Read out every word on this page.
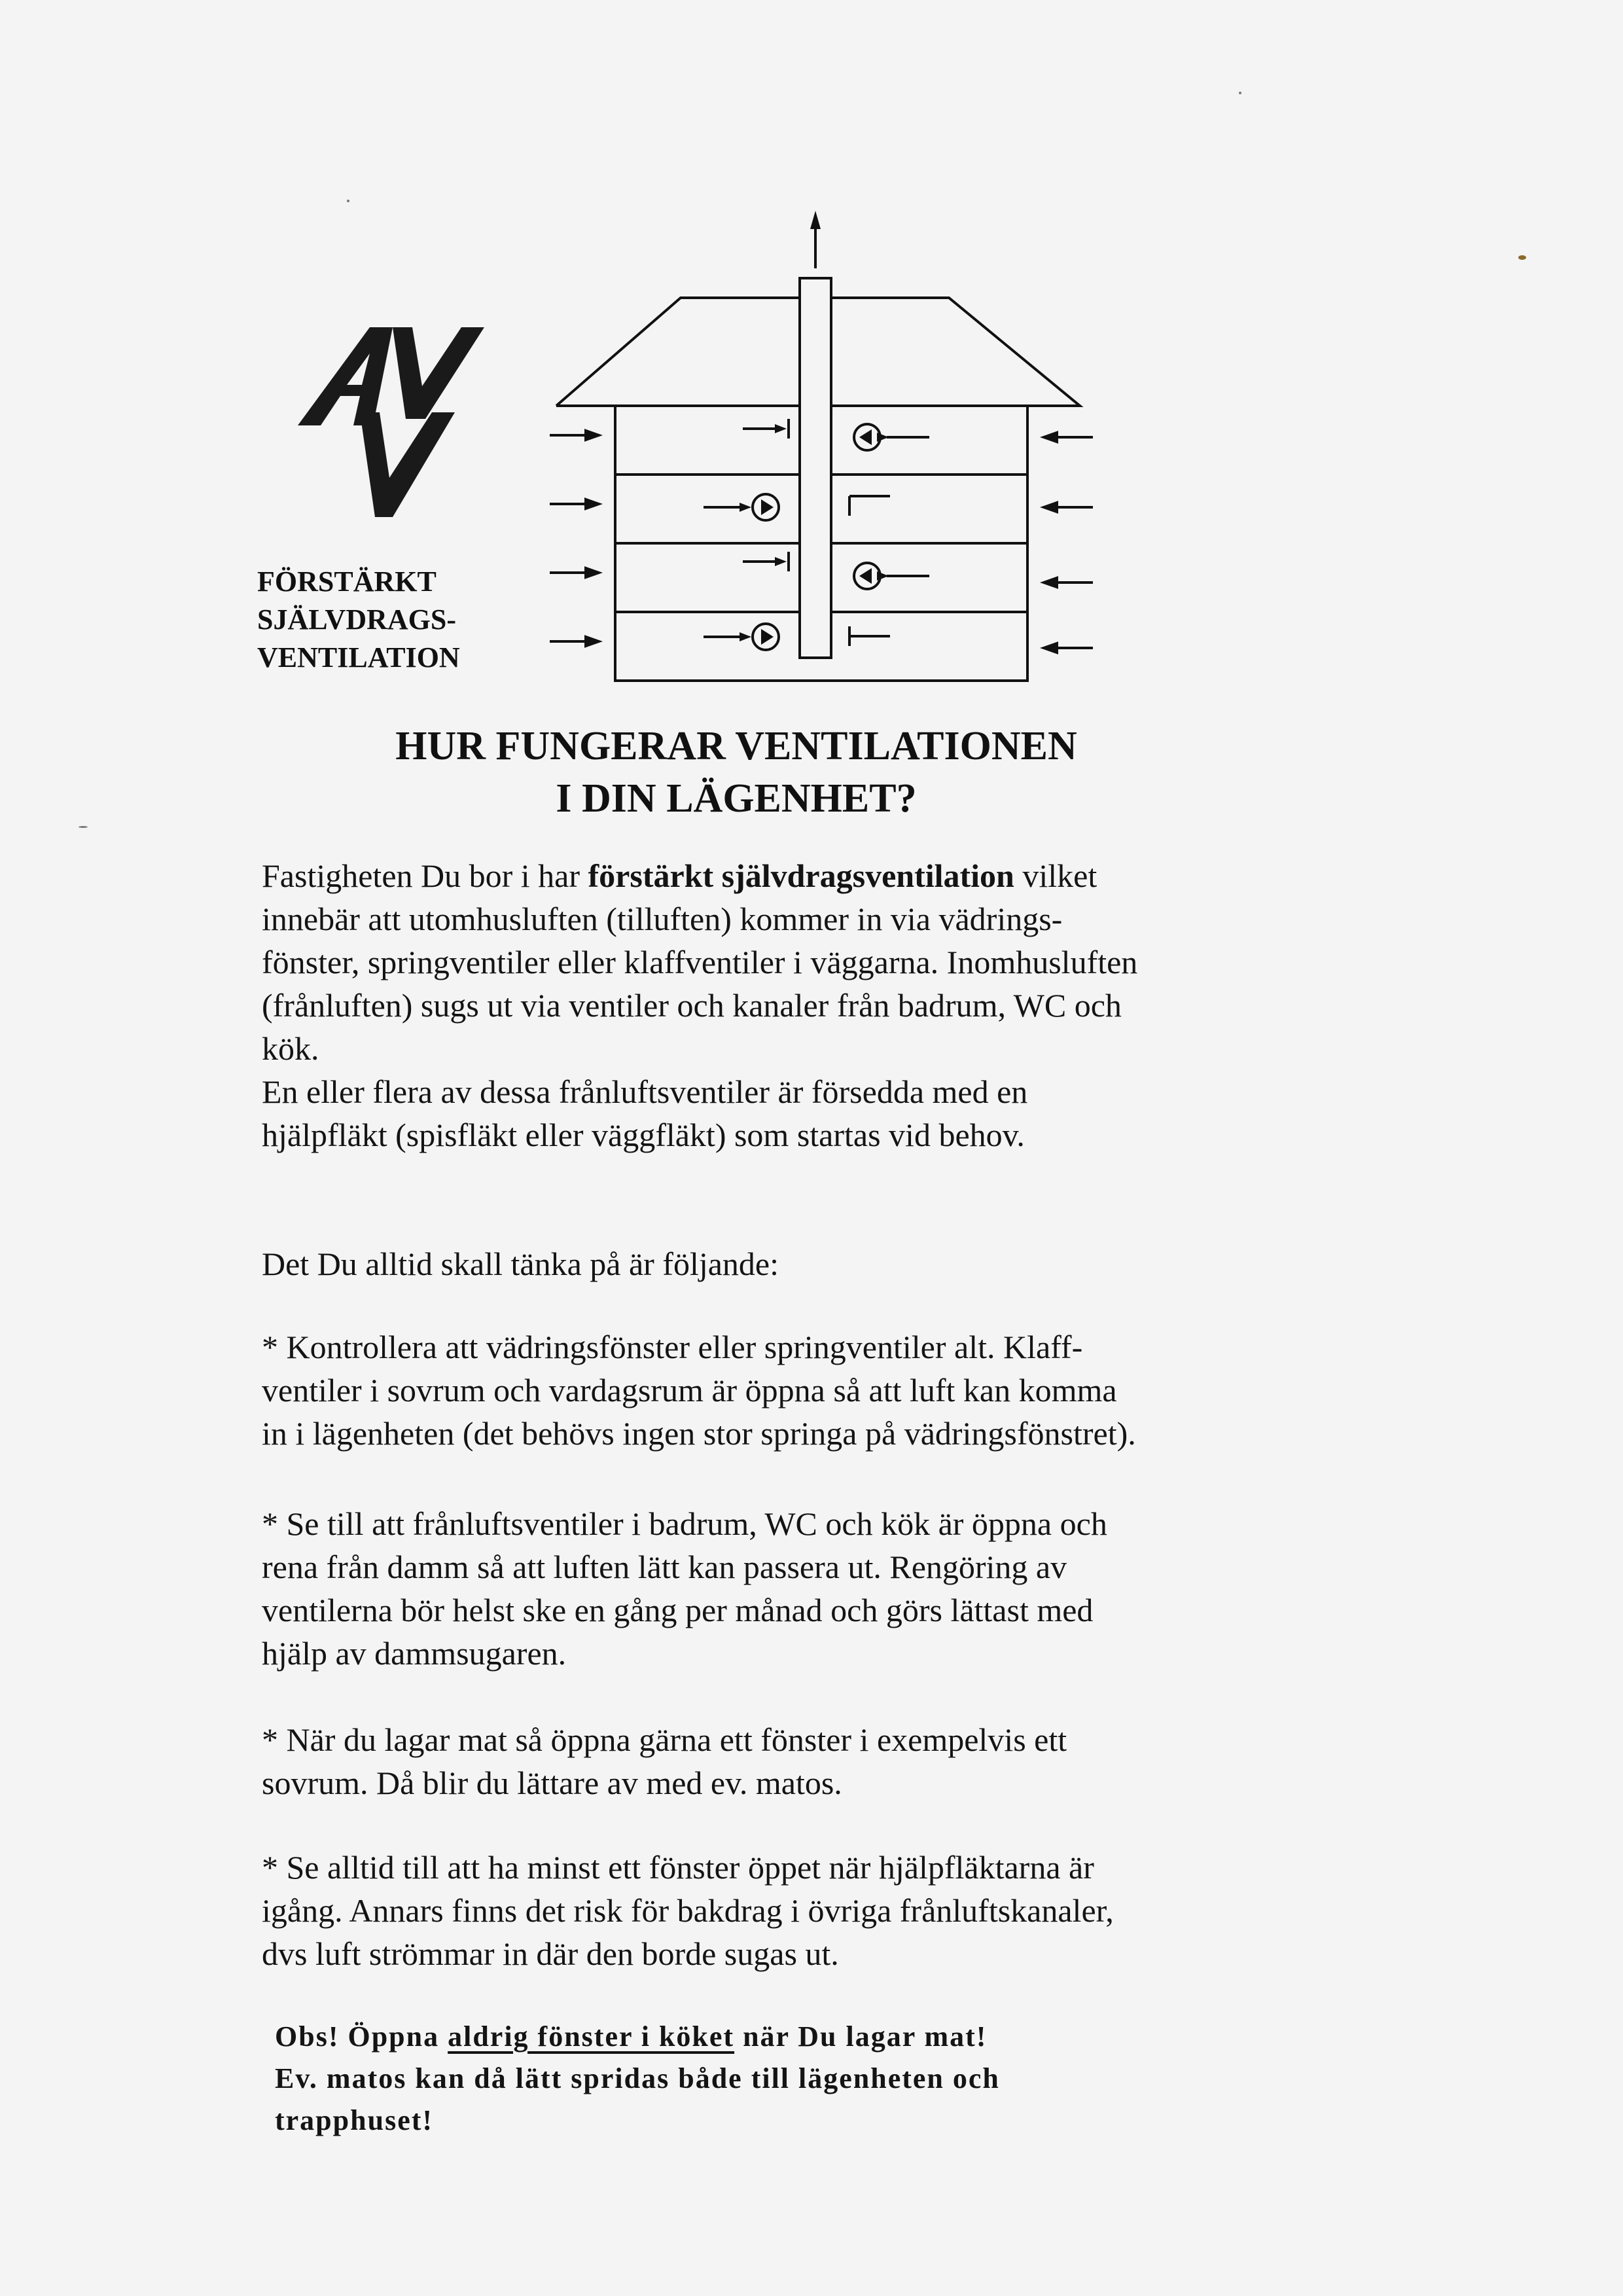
FÖRSTÄRKT
SJÄLVDRAGS-
VENTILATION
HUR FUNGERAR VENTILATIONEN
I DIN LÄGENHET?
Fastigheten Du bor i har förstärkt självdragsventilation vilket
innebär att utomhusluften (tilluften) kommer in via vädrings-
fönster, springventiler eller klaffventiler i väggarna. Inomhusluften
(frånluften) sugs ut via ventiler och kanaler från badrum, WC och
kök.
En eller flera av dessa frånluftsventiler är försedda med en
hjälpfläkt (spisfläkt eller väggfläkt) som startas vid behov.
Det Du alltid skall tänka på är följande:
* Kontrollera att vädringsfönster eller springventiler alt. Klaff-
ventiler i sovrum och vardagsrum är öppna så att luft kan komma
in i lägenheten (det behövs ingen stor springa på vädringsfönstret).
* Se till att frånluftsventiler i badrum, WC och kök är öppna och
rena från damm så att luften lätt kan passera ut. Rengöring av
ventilerna bör helst ske en gång per månad och görs lättast med
hjälp av dammsugaren.
* När du lagar mat så öppna gärna ett fönster i exempelvis ett
sovrum. Då blir du lättare av med ev. matos.
* Se alltid till att ha minst ett fönster öppet när hjälpfläktarna är
igång. Annars finns det risk för bakdrag i övriga frånluftskanaler,
dvs luft strömmar in där den borde sugas ut.
Obs! Öppna aldrig fönster i köket när Du lagar mat!
Ev. matos kan då lätt spridas både till lägenheten och
trapphuset!
